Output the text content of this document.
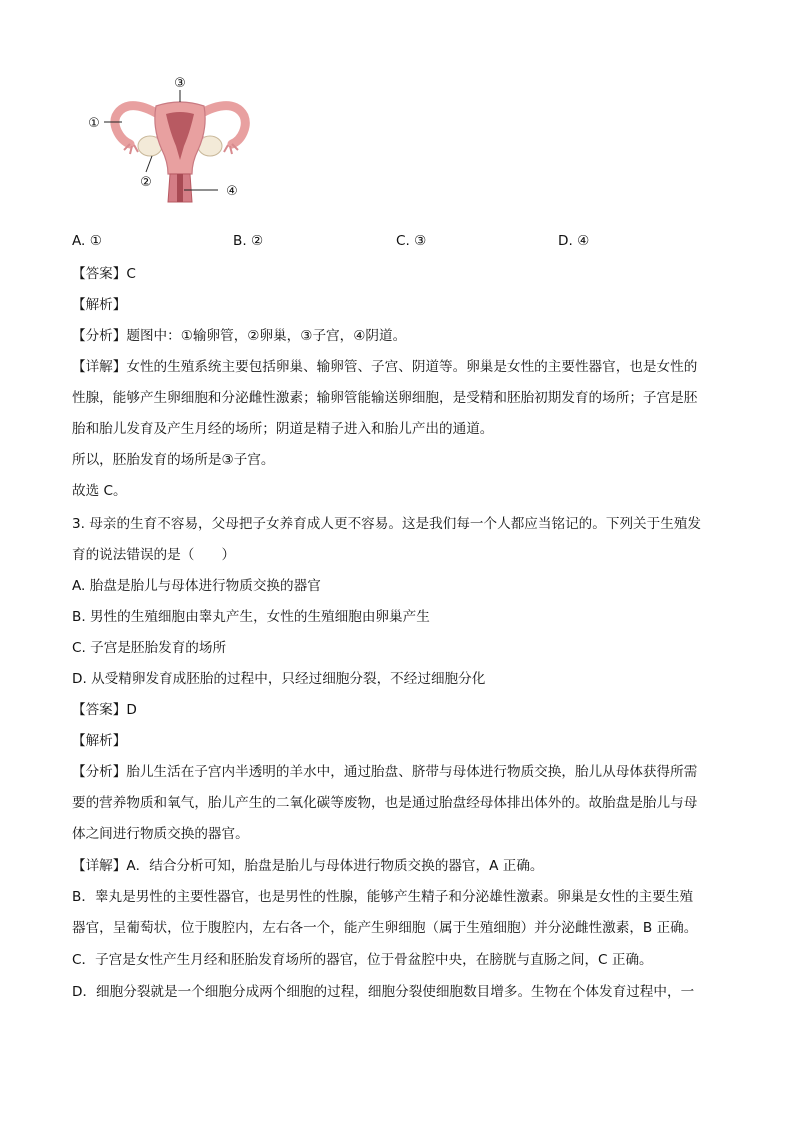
③
①
②
④
A. ①	B. ②	C. ③	D. ④
【答案】C
【解析】
【分析】题图中：①输卵管，②卵巢，③子宫，④阴道。
【详解】女性的生殖系统主要包括卵巢、输卵管、子宫、阴道等。卵巢是女性的主要性器官，也是女性的
性腺，能够产生卵细胞和分泌雌性激素；输卵管能输送卵细胞，是受精和胚胎初期发育的场所；子宫是胚
胎和胎儿发育及产生月经的场所；阴道是精子进入和胎儿产出的通道。
所以，胚胎发育的场所是③子宫。
故选 C。
3. 母亲的生育不容易，父母把子女养育成人更不容易。这是我们每一个人都应当铭记的。下列关于生殖发
育的说法错误的是（　　）
A. 胎盘是胎儿与母体进行物质交换的器官
B. 男性的生殖细胞由睾丸产生，女性的生殖细胞由卵巢产生
C. 子宫是胚胎发育的场所
D. 从受精卵发育成胚胎的过程中，只经过细胞分裂，不经过细胞分化
【答案】D
【解析】
【分析】胎儿生活在子宫内半透明的羊水中，通过胎盘、脐带与母体进行物质交换，胎儿从母体获得所需
要的营养物质和氧气，胎儿产生的二氧化碳等废物，也是通过胎盘经母体排出体外的。故胎盘是胎儿与母
体之间进行物质交换的器官。
【详解】A．结合分析可知，胎盘是胎儿与母体进行物质交换的器官，A 正确。
B．睾丸是男性的主要性器官，也是男性的性腺，能够产生精子和分泌雄性激素。卵巢是女性的主要生殖
器官，呈葡萄状，位于腹腔内，左右各一个，能产生卵细胞（属于生殖细胞）并分泌雌性激素，B 正确。
C．子宫是女性产生月经和胚胎发育场所的器官，位于骨盆腔中央，在膀胱与直肠之间，C 正确。
D．细胞分裂就是一个细胞分成两个细胞的过程，细胞分裂使细胞数目增多。生物在个体发育过程中，一
